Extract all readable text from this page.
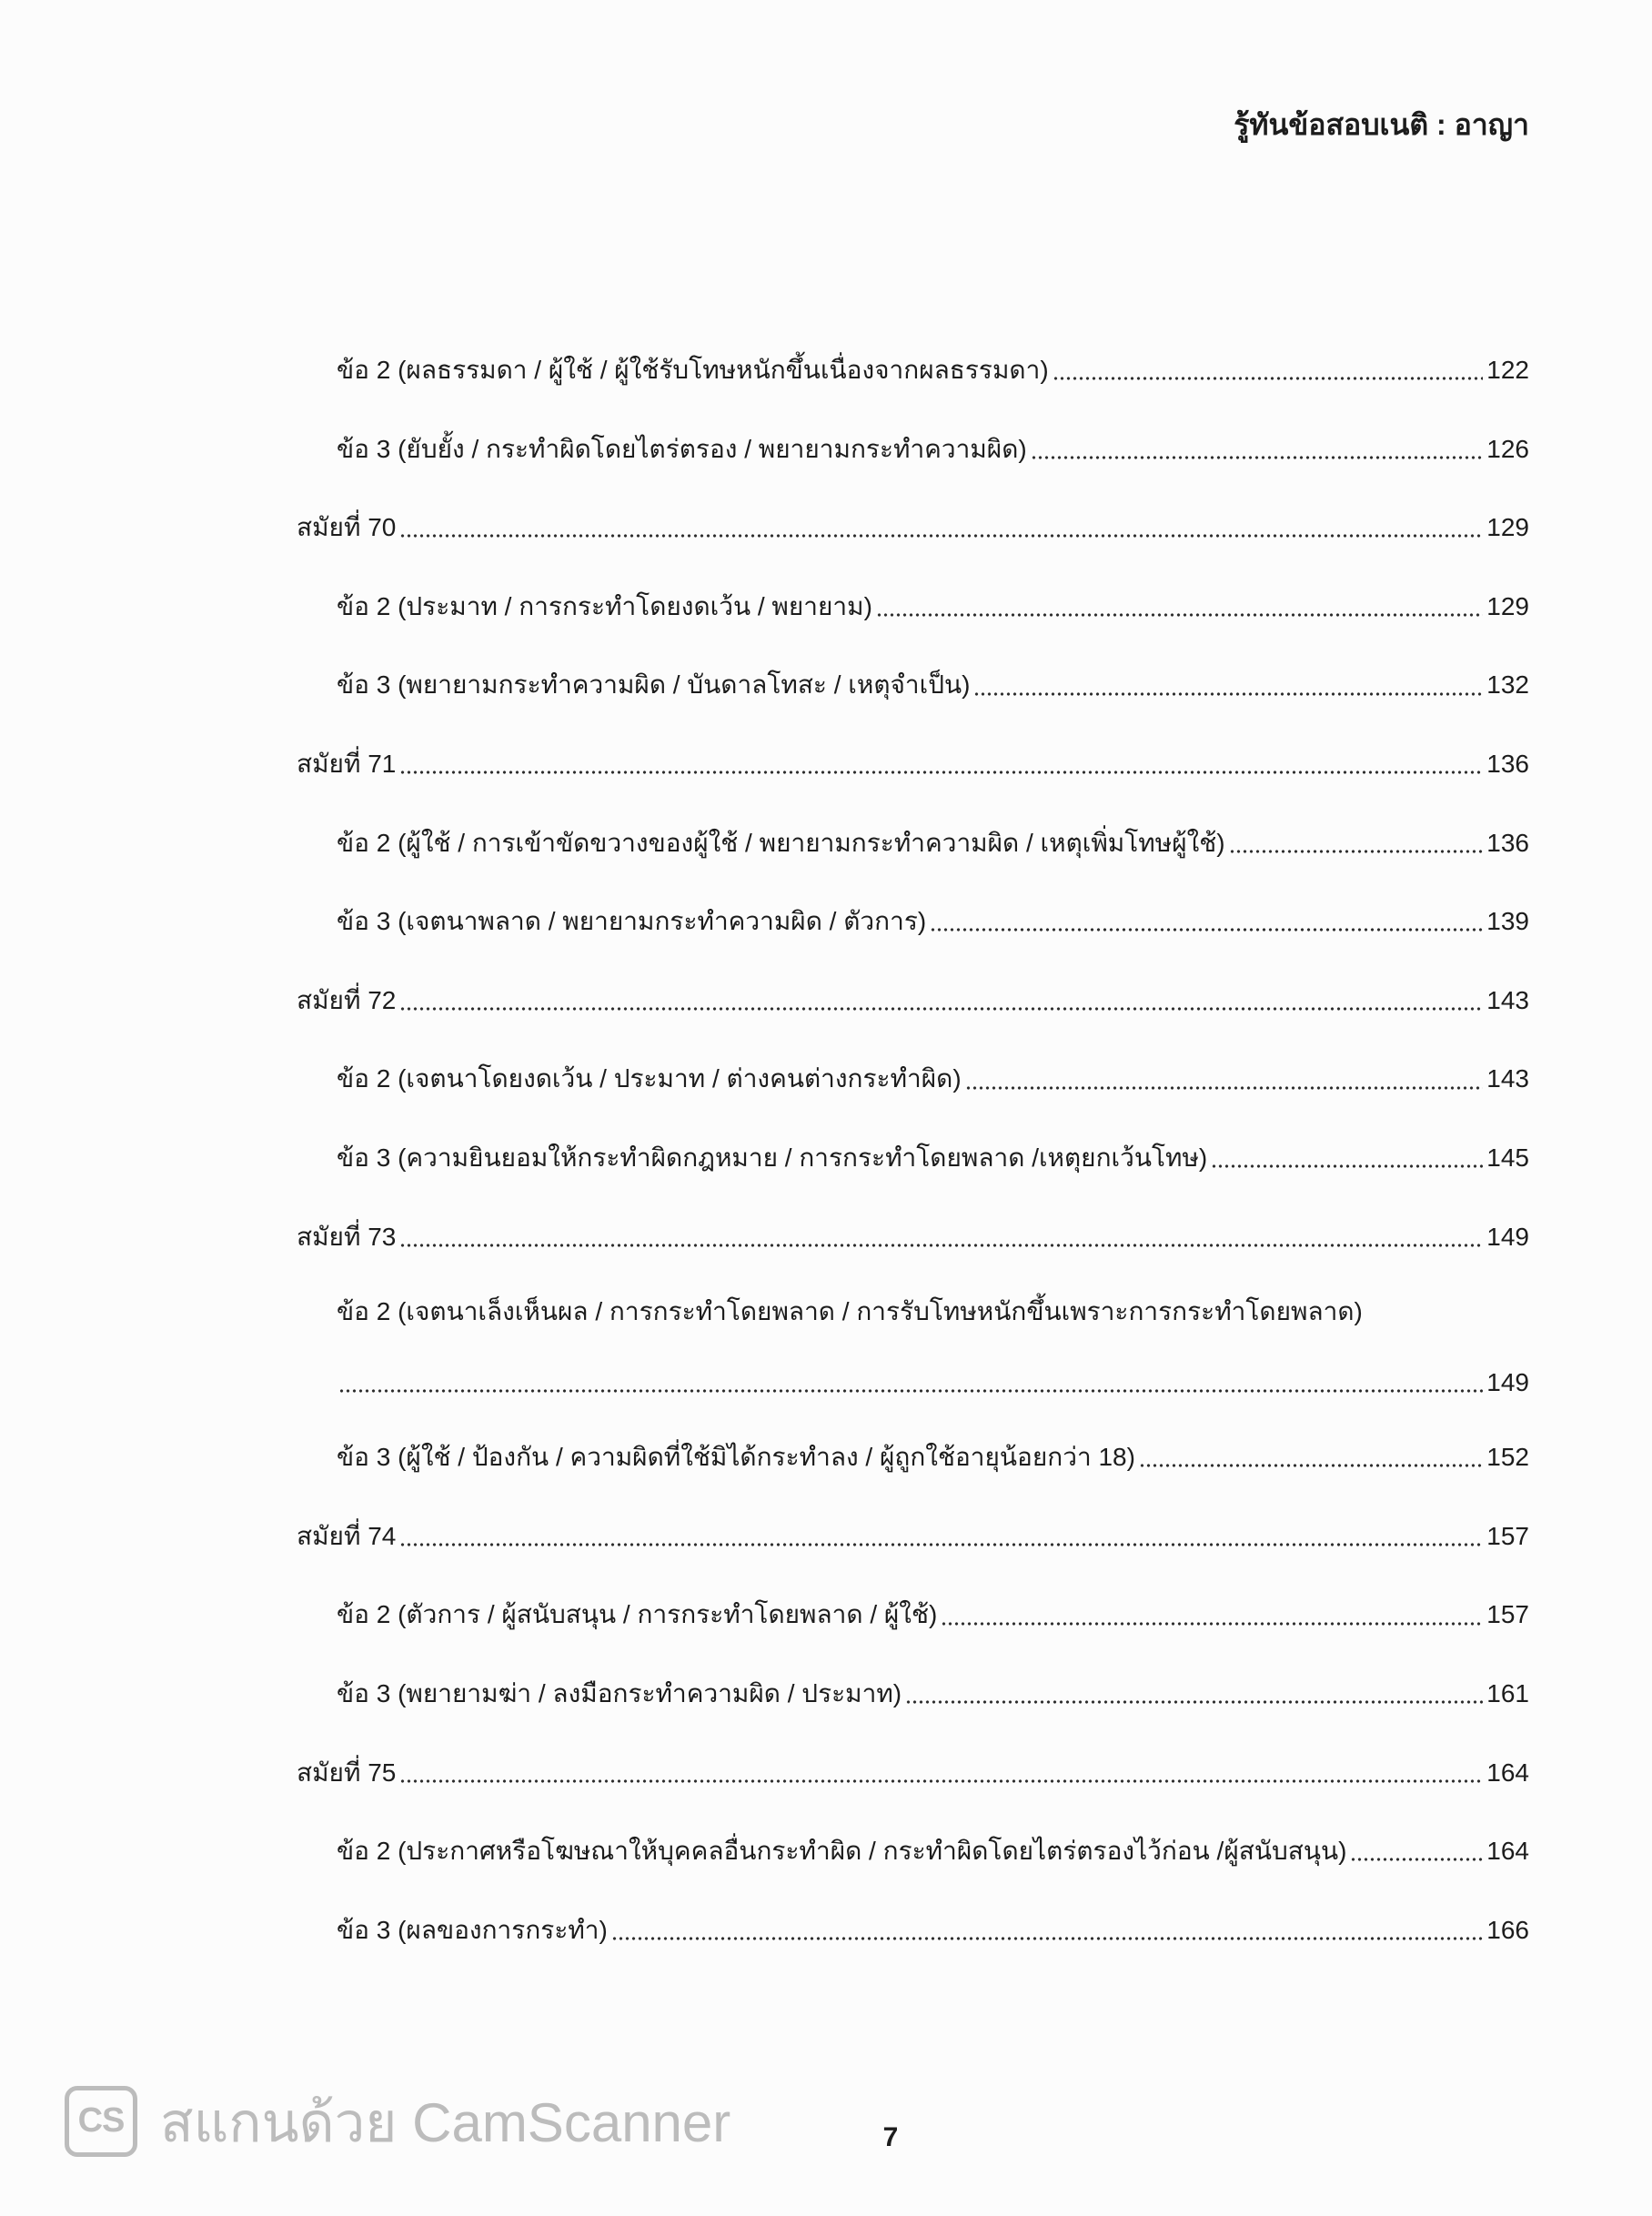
รู้ทันข้อสอบเนติ : อาญา
ข้อ 2 (ผลธรรมดา / ผู้ใช้ / ผู้ใช้รับโทษหนักขึ้นเนื่องจากผลธรรมดา)	122
ข้อ 3 (ยับยั้ง / กระทำผิดโดยไตร่ตรอง / พยายามกระทำความผิด)	126
สมัยที่ 70	129
ข้อ 2 (ประมาท / การกระทำโดยงดเว้น / พยายาม)	129
ข้อ 3 (พยายามกระทำความผิด / บันดาลโทสะ / เหตุจำเป็น)	132
สมัยที่ 71	136
ข้อ 2 (ผู้ใช้ / การเข้าขัดขวางของผู้ใช้ / พยายามกระทำความผิด / เหตุเพิ่มโทษผู้ใช้)	136
ข้อ 3 (เจตนาพลาด / พยายามกระทำความผิด / ตัวการ)	139
สมัยที่ 72	143
ข้อ 2 (เจตนาโดยงดเว้น / ประมาท / ต่างคนต่างกระทำผิด)	143
ข้อ 3 (ความยินยอมให้กระทำผิดกฎหมาย / การกระทำโดยพลาด /เหตุยกเว้นโทษ)	145
สมัยที่ 73	149
ข้อ 2 (เจตนาเล็งเห็นผล / การกระทำโดยพลาด / การรับโทษหนักขึ้นเพราะการกระทำโดยพลาด)
149
ข้อ 3 (ผู้ใช้ / ป้องกัน / ความผิดที่ใช้มิได้กระทำลง / ผู้ถูกใช้อายุน้อยกว่า 18)	152
สมัยที่ 74	157
ข้อ 2 (ตัวการ / ผู้สนับสนุน / การกระทำโดยพลาด / ผู้ใช้)	157
ข้อ 3 (พยายามฆ่า / ลงมือกระทำความผิด / ประมาท)	161
สมัยที่ 75	164
ข้อ 2 (ประกาศหรือโฆษณาให้บุคคลอื่นกระทำผิด / กระทำผิดโดยไตร่ตรองไว้ก่อน /ผู้สนับสนุน)	164
ข้อ 3 (ผลของการกระทำ)	166
CS สแกนด้วย CamScanner	7
